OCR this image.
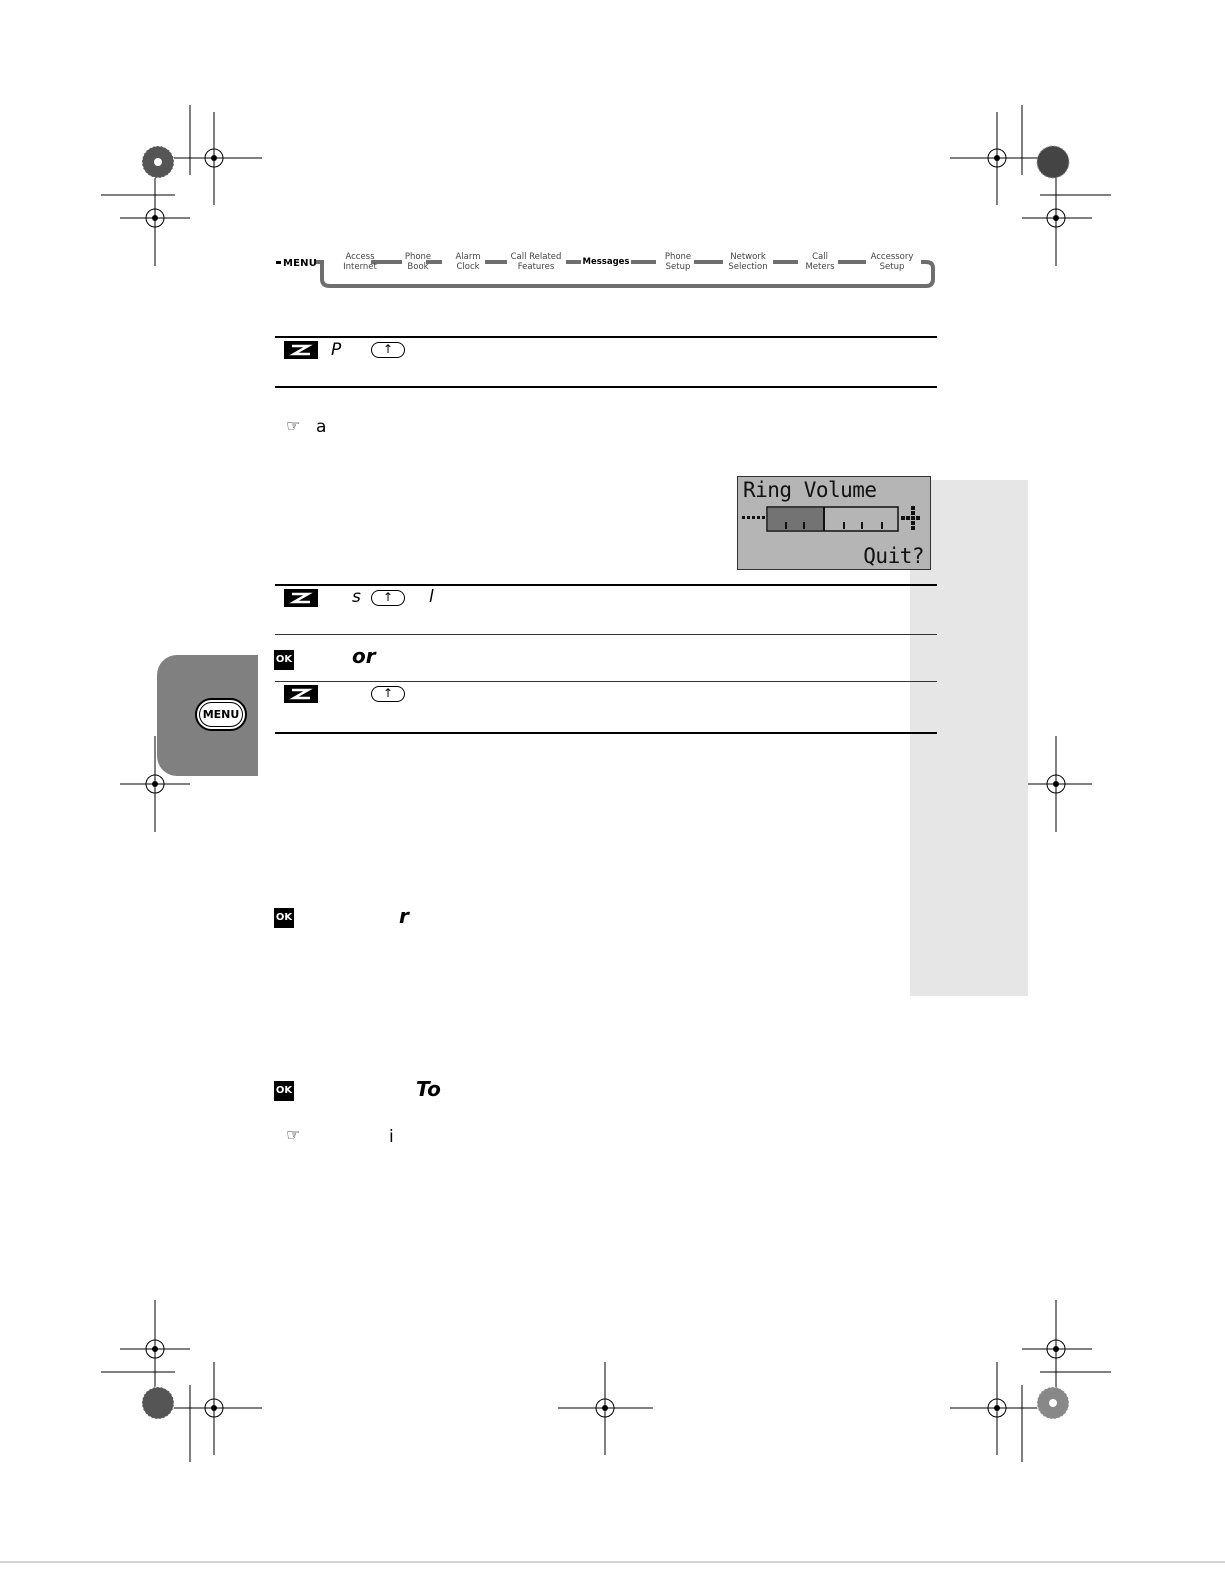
MENU
Access
Internet
Phone
Book
Alarm
Clock
Call Related
Features	Messages	Phone
Setup
Network
Selection
Call
Meters
Accessory
Setup
P	↑
☞ a
Ring Volume
Quit?
s	↑	l
OK	or
↑
MENU
OK	r
OK	To
☞	i
